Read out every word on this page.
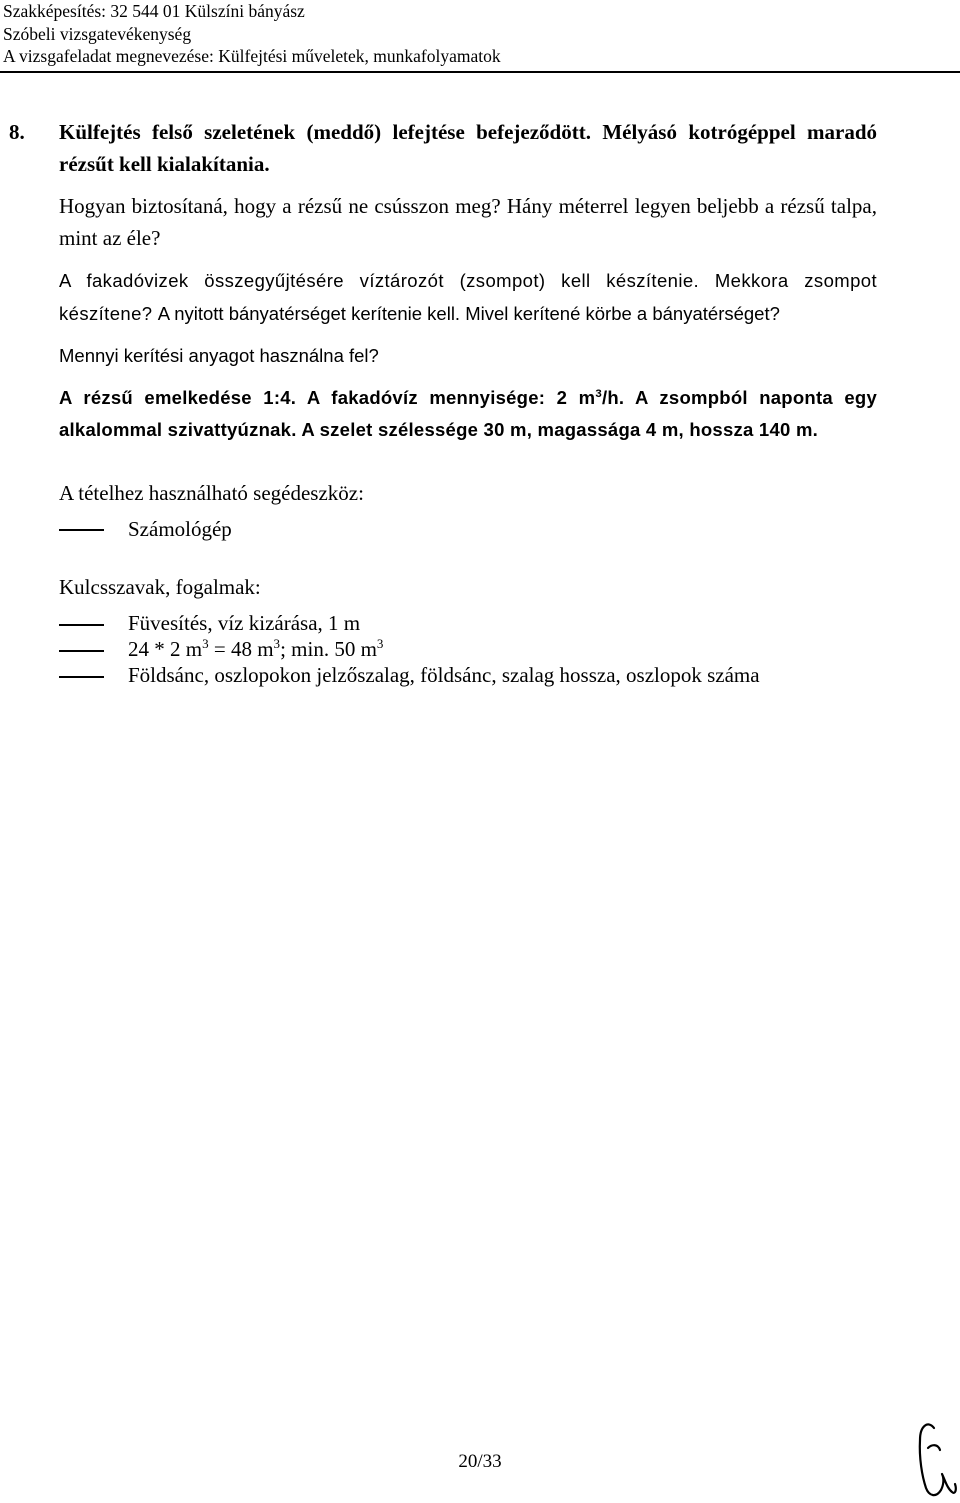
Szakképesítés: 32 544 01 Külszíni bányász
Szóbeli vizsgatevékenység
A vizsgafeladat megnevezése: Külfejtési műveletek, munkafolyamatok
8. Külfejtés felső szeletének (meddő) lefejtése befejeződött. Mélyásó kotrógéppel maradó rézsűt kell kialakítania.

Hogyan biztosítaná, hogy a rézsű ne csússzon meg? Hány méterrel legyen beljebb a rézsű talpa, mint az éle?

A fakadóvizek összegyűjtésére víztározót (zsompot) kell készítenie. Mekkora zsompot készítene? A nyitott bányatérséget kerítenie kell. Mivel kerítené körbe a bányatérséget?

Mennyi kerítési anyagot használna fel?

A rézsű emelkedése 1:4. A fakadóvíz mennyisége: 2 $m^3/h$. A zsompból naponta egy alkalommal szivattyúznak. A szelet szélessége 30 m, magassága 4 m, hossza 140 m.

A tételhez használható segédeszköz:
Számológép
Kulcsszavak, fogalmak:
Füvesítés, víz kizárása, 1 m
24 * 2 $m^3 = 48$ $m^3$; min. 50 $m^3$
Földsánc, oszlopokon jelzőszalag, földsánc, szalag hossza, oszlopok száma
20/33
